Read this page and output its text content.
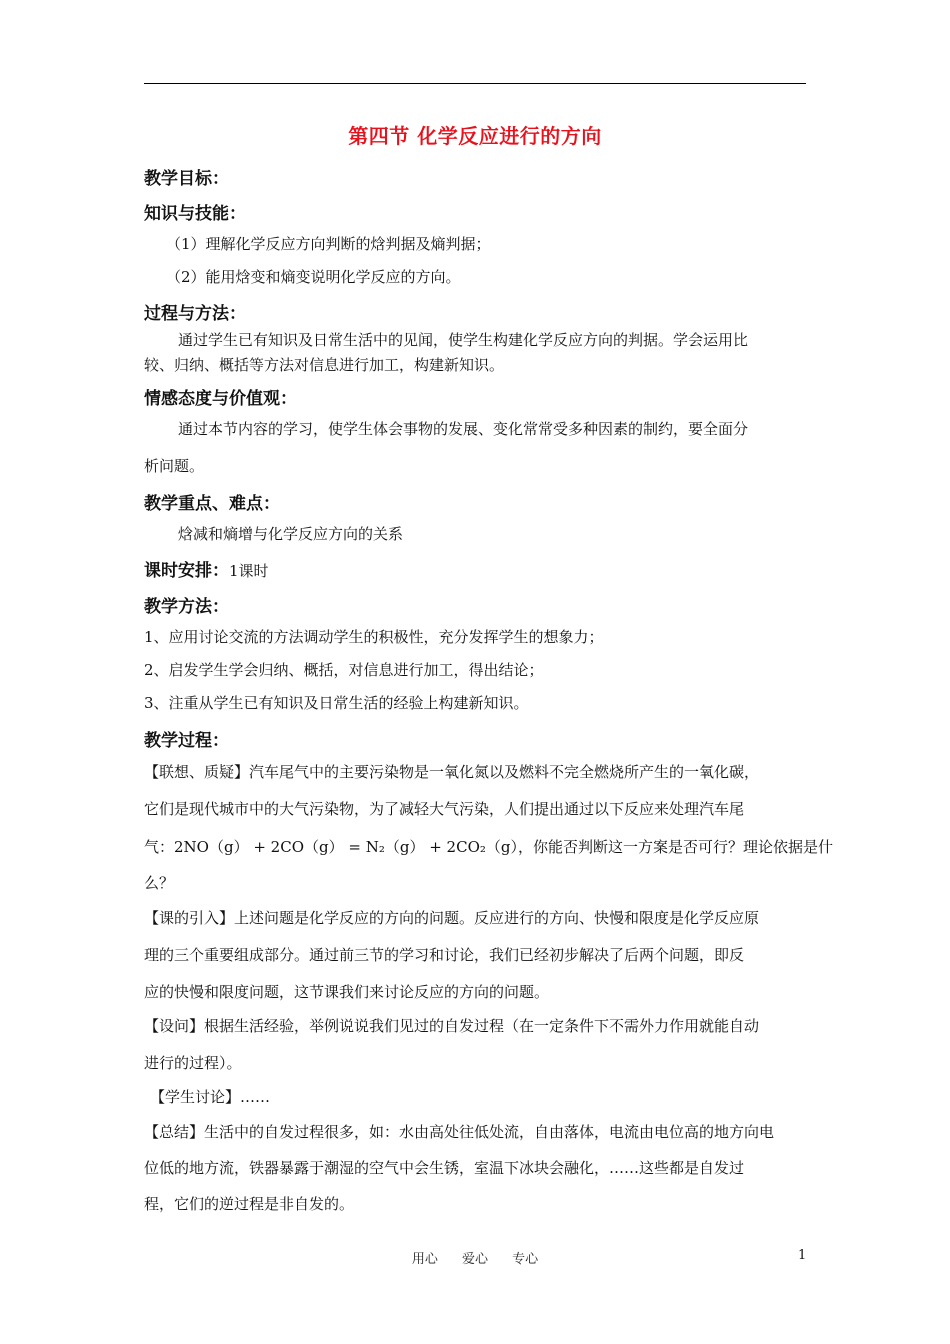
第四节 化学反应进行的方向
教学目标：
知识与技能：
（1）理解化学反应方向判断的焓判据及熵判据；
（2）能用焓变和熵变说明化学反应的方向。
过程与方法：
通过学生已有知识及日常生活中的见闻，使学生构建化学反应方向的判据。学会运用比
较、归纳、概括等方法对信息进行加工，构建新知识。
情感态度与价值观：
通过本节内容的学习，使学生体会事物的发展、变化常常受多种因素的制约，要全面分
析问题。
教学重点、难点：
焓减和熵增与化学反应方向的关系
课时安排：1课时
教学方法：
1、应用讨论交流的方法调动学生的积极性，充分发挥学生的想象力；
2、启发学生学会归纳、概括，对信息进行加工，得出结论；
3、注重从学生已有知识及日常生活的经验上构建新知识。
教学过程：
【联想、质疑】汽车尾气中的主要污染物是一氧化氮以及燃料不完全燃烧所产生的一氧化碳，
它们是现代城市中的大气污染物，为了减轻大气污染，人们提出通过以下反应来处理汽车尾
气：2NO（g） + 2CO（g） = N₂（g） + 2CO₂（g），你能否判断这一方案是否可行？理论依据是什
么？
【课的引入】上述问题是化学反应的方向的问题。反应进行的方向、快慢和限度是化学反应原
理的三个重要组成部分。通过前三节的学习和讨论，我们已经初步解决了后两个问题，即反
应的快慢和限度问题，这节课我们来讨论反应的方向的问题。
【设问】根据生活经验，举例说说我们见过的自发过程（在一定条件下不需外力作用就能自动
进行的过程）。
【学生讨论】……
【总结】生活中的自发过程很多，如：水由高处往低处流，自由落体，电流由电位高的地方向电
位低的地方流，铁器暴露于潮湿的空气中会生锈，室温下冰块会融化，……这些都是自发过
程，它们的逆过程是非自发的。
用心 爱心 专心	1
